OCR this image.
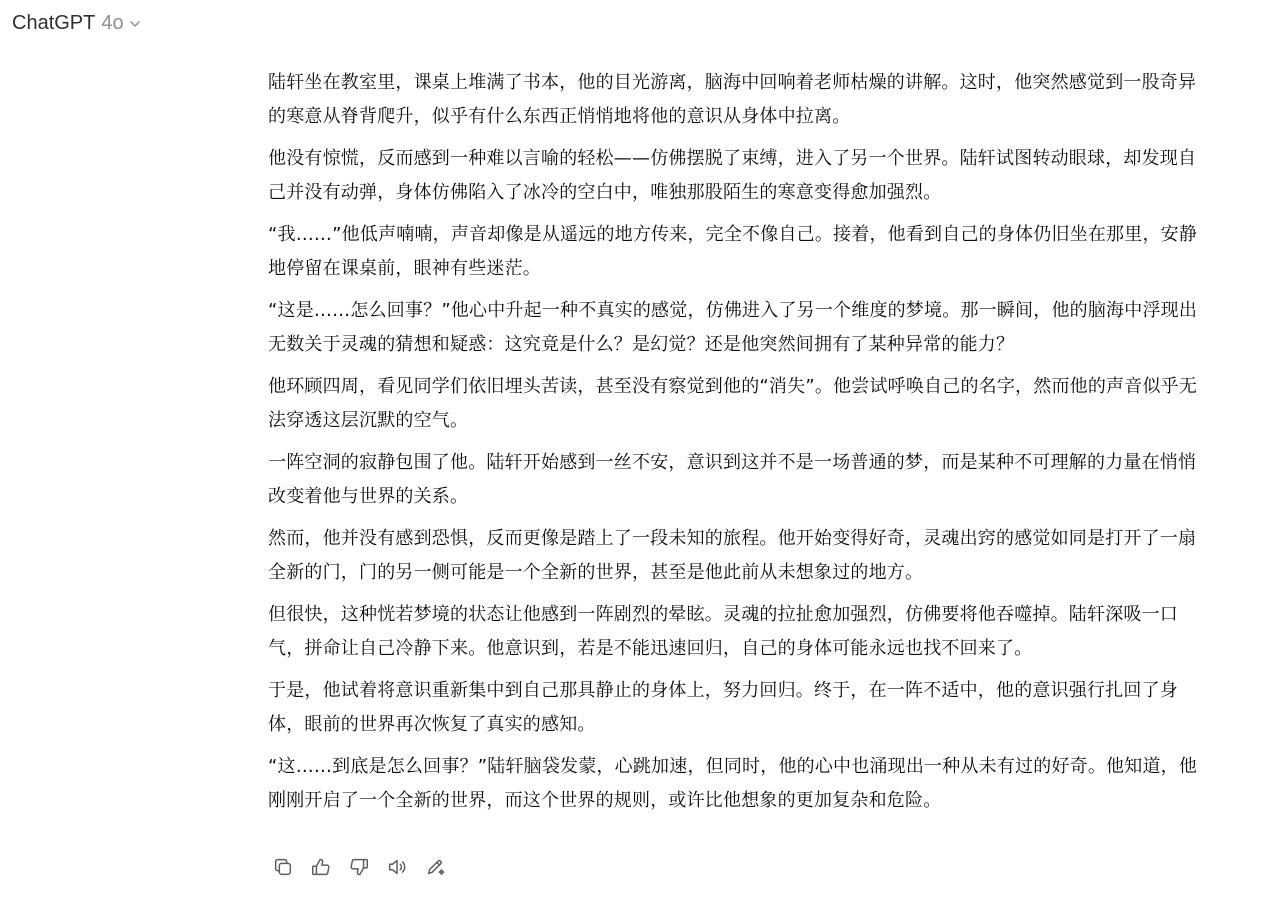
ChatGPT 4o

陆轩坐在教室里，课桌上堆满了书本，他的目光游离，脑海中回响着老师枯燥的讲解。这时，他突然感觉到一股奇异的寒意从脊背爬升，似乎有什么东西正悄悄地将他的意识从身体中拉离。

他没有惊慌，反而感到一种难以言喻的轻松——仿佛摆脱了束缚，进入了另一个世界。陆轩试图转动眼球，却发现自己并没有动弹，身体仿佛陷入了冰冷的空白中，唯独那股陌生的寒意变得愈加强烈。

“我……”他低声喃喃，声音却像是从遥远的地方传来，完全不像自己。接着，他看到自己的身体仍旧坐在那里，安静地停留在课桌前，眼神有些迷茫。

“这是……怎么回事？”他心中升起一种不真实的感觉，仿佛进入了另一个维度的梦境。那一瞬间，他的脑海中浮现出无数关于灵魂的猜想和疑惑：这究竟是什么？是幻觉？还是他突然间拥有了某种异常的能力？

他环顾四周，看见同学们依旧埋头苦读，甚至没有察觉到他的“消失”。他尝试呼唤自己的名字，然而他的声音似乎无法穿透这层沉默的空气。

一阵空洞的寂静包围了他。陆轩开始感到一丝不安，意识到这并不是一场普通的梦，而是某种不可理解的力量在悄悄改变着他与世界的关系。

然而，他并没有感到恐惧，反而更像是踏上了一段未知的旅程。他开始变得好奇，灵魂出窍的感觉如同是打开了一扇全新的门，门的另一侧可能是一个全新的世界，甚至是他此前从未想象过的地方。

但很快，这种恍若梦境的状态让他感到一阵剧烈的晕眩。灵魂的拉扯愈加强烈，仿佛要将他吞噬掉。陆轩深吸一口气，拼命让自己冷静下来。他意识到，若是不能迅速回归，自己的身体可能永远也找不回来了。

于是，他试着将意识重新集中到自己那具静止的身体上，努力回归。终于，在一阵不适中，他的意识强行扎回了身体，眼前的世界再次恢复了真实的感知。

“这……到底是怎么回事？”陆轩脑袋发蒙，心跳加速，但同时，他的心中也涌现出一种从未有过的好奇。他知道，他刚刚开启了一个全新的世界，而这个世界的规则，或许比他想象的更加复杂和危险。
